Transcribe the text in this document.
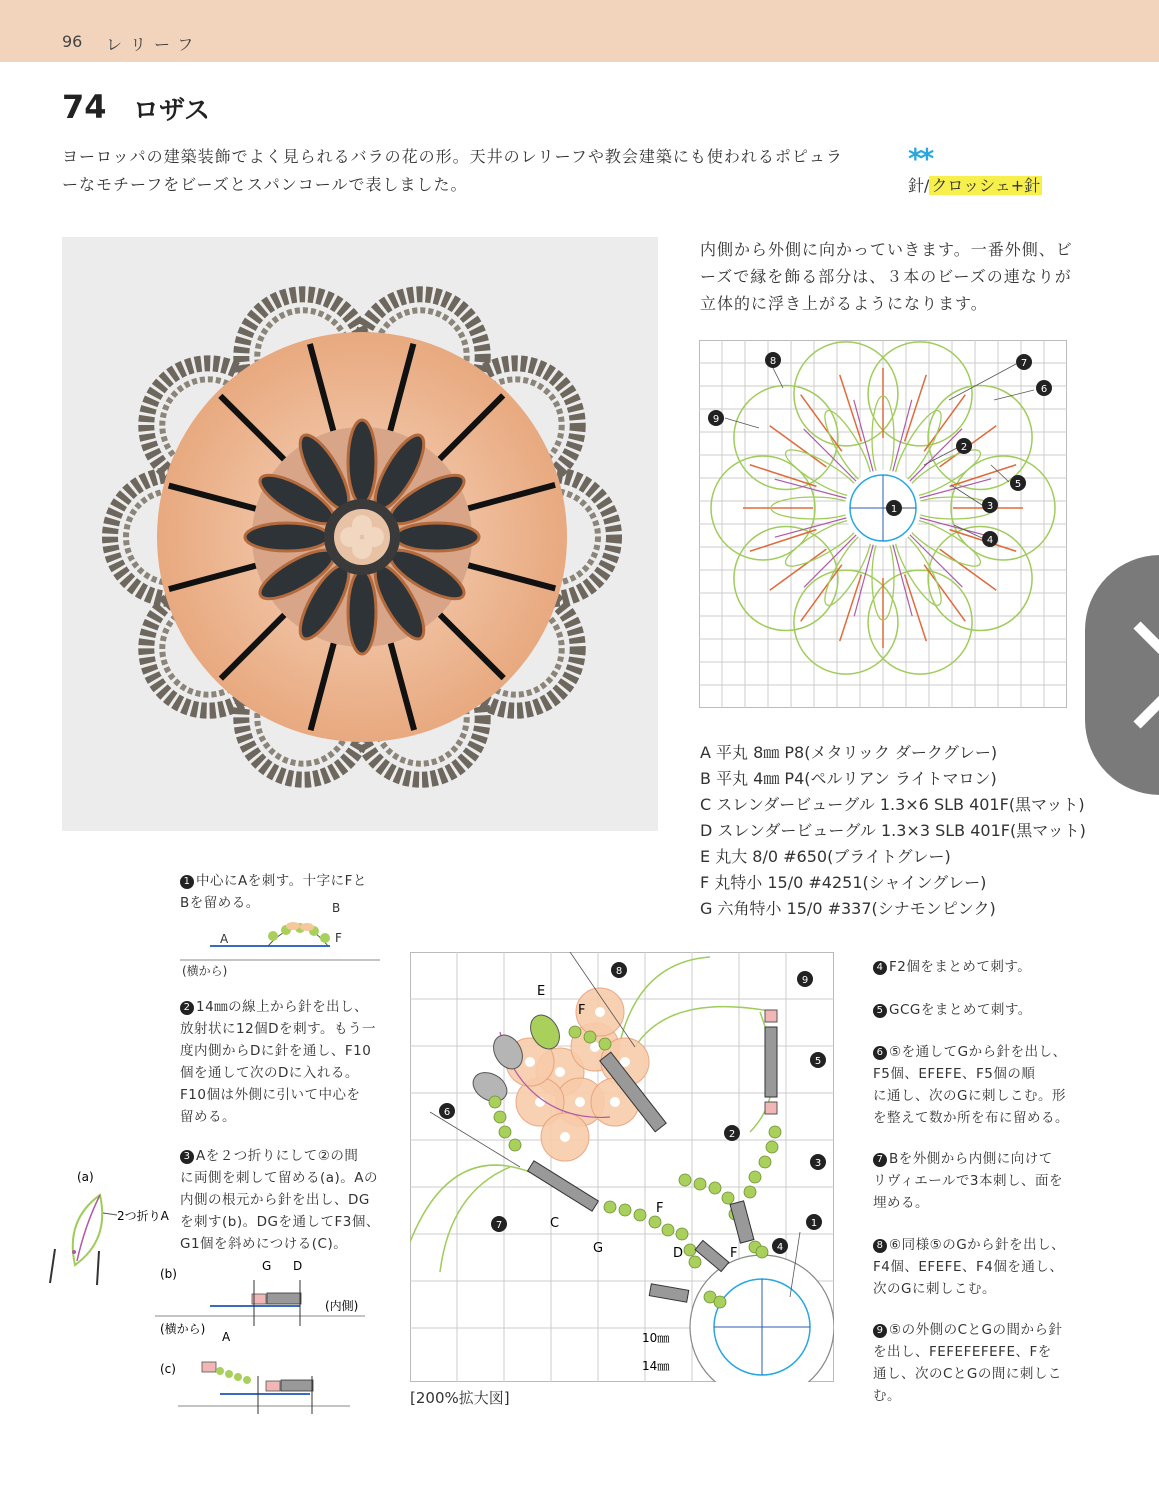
96 レリーフ
74 ロザス
ヨーロッパの建築装飾でよく見られるバラの花の形。天井のレリーフや教会建築にも使われるポピュラ
ーなモチーフをビーズとスパンコールで表しました。
**
針/ クロッシェ+針
内側から外側に向かっていきます。一番外側、ビ
ーズで縁を飾る部分は、３本のビーズの連なりが
立体的に浮き上がるようになります。
1
2
3
4
5
6
7
8
9
A 平丸 8㎜ P8(メタリック ダークグレー)
B 平丸 4㎜ P4(ペルリアン ライトマロン)
C スレンダービューグル 1.3×6 SLB 401F(黒マット)
D スレンダービューグル 1.3×3 SLB 401F(黒マット)
E 丸大 8/0 #650(ブライトグレー)
F 丸特小 15/0 #4251(シャイングレー)
G 六角特小 15/0 #337(シナモンピンク)
1 中心にAを刺す。十字にFと
Bを留める。
A
B
F
(横から)
2 14㎜の線上から針を出し、
放射状に12個Dを刺す。もう一
度内側からDに針を通し、F10
個を通して次のDに入れる。
F10個は外側に引いて中心を
留める。
3 Aを２つ折りにして②の間
に両側を刺して留める(a)。Aの
内側の根元から針を出し、DG
を刺す(b)。DGを通してF3個、
G1個を斜めにつける(C)。
(a)
2つ折りA
(b)
G D
(内側)
(横から)
A
(c)
1
2
3
4
5
6
7
8
9
E
F
C
G	D
F
F
10㎜
14㎜
[200%拡大図]
4 F2個をまとめて刺す。
5 GCGをまとめて刺す。
6 ⑤を通してGから針を出し、
F5個、EFEFE、F5個の順
に通し、次のGに刺しこむ。形
を整えて数か所を布に留める。
7 Bを外側から内側に向けて
リヴィエールで3本刺し、面を
埋める。
8 ⑥同様⑤のGから針を出し、
F4個、EFEFE、F4個を通し、
次のGに刺しこむ。
9 ⑤の外側のCとGの間から針
を出し、FEFEFEFEFE、Fを
通し、次のCとGの間に刺しこむ。
